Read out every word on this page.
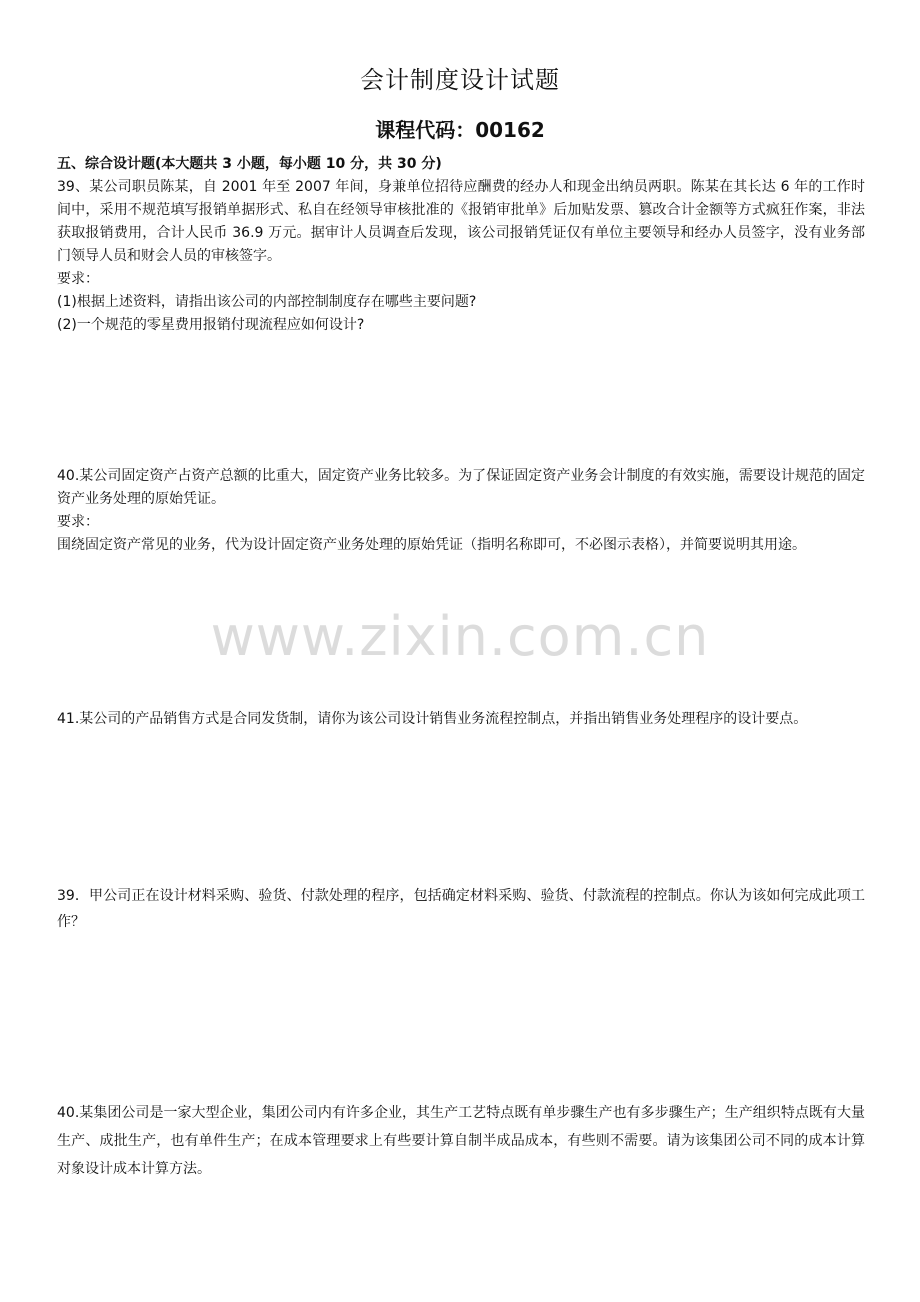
会计制度设计试题
课程代码：00162
五、综合设计题(本大题共 3 小题，每小题 10 分，共 30 分)

39、某公司职员陈某，自 2001 年至 2007 年间，身兼单位招待应酬费的经办人和现金出纳员两职。陈某在其长达 6 年的工作时间中，采用不规范填写报销单据形式、私自在经领导审核批准的《报销审批单》后加贴发票、篡改合计金额等方式疯狂作案，非法获取报销费用，合计人民币 36.9 万元。据审计人员调查后发现，该公司报销凭证仅有单位主要领导和经办人员签字，没有业务部门领导人员和财会人员的审核签字。

要求：

(1)根据上述资料，请指出该公司的内部控制制度存在哪些主要问题?

(2)一个规范的零星费用报销付现流程应如何设计?

40.某公司固定资产占资产总额的比重大，固定资产业务比较多。为了保证固定资产业务会计制度的有效实施，需要设计规范的固定资产业务处理的原始凭证。

要求：

围绕固定资产常见的业务，代为设计固定资产业务处理的原始凭证（指明名称即可，不必图示表格），并简要说明其用途。

www.zixin.com.cn

41.某公司的产品销售方式是合同发货制，请你为该公司设计销售业务流程控制点，并指出销售业务处理程序的设计要点。

39．甲公司正在设计材料采购、验货、付款处理的程序，包括确定材料采购、验货、付款流程的控制点。你认为该如何完成此项工作？

40.某集团公司是一家大型企业，集团公司内有许多企业，其生产工艺特点既有单步骤生产也有多步骤生产；生产组织特点既有大量生产、成批生产，也有单件生产；在成本管理要求上有些要计算自制半成品成本，有些则不需要。请为该集团公司不同的成本计算对象设计成本计算方法。
